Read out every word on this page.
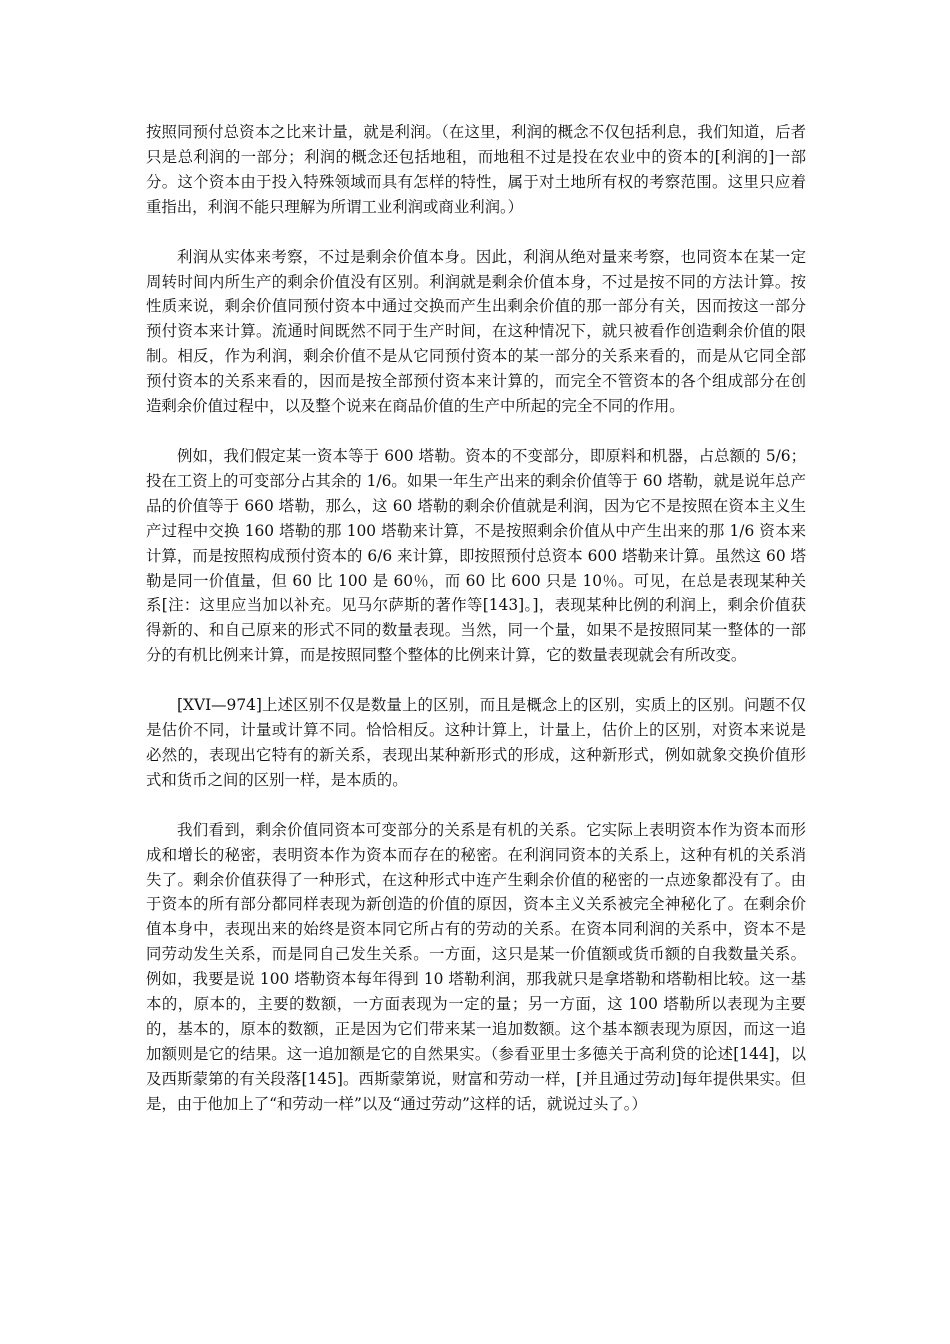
按照同预付总资本之比来计量，就是利润。（在这里，利润的概念不仅包括利息，我们知道，后者只是总利润的一部分；利润的概念还包括地租，而地租不过是投在农业中的资本的[利润的]一部分。这个资本由于投入特殊领域而具有怎样的特性，属于对土地所有权的考察范围。这里只应着重指出，利润不能只理解为所谓工业利润或商业利润。）

利润从实体来考察，不过是剩余价值本身。因此，利润从绝对量来考察，也同资本在某一定周转时间内所生产的剩余价值没有区别。利润就是剩余价值本身，不过是按不同的方法计算。按性质来说，剩余价值同预付资本中通过交换而产生出剩余价值的那一部分有关，因而按这一部分预付资本来计算。流通时间既然不同于生产时间，在这种情况下，就只被看作创造剩余价值的限制。相反，作为利润，剩余价值不是从它同预付资本的某一部分的关系来看的，而是从它同全部预付资本的关系来看的，因而是按全部预付资本来计算的，而完全不管资本的各个组成部分在创造剩余价值过程中，以及整个说来在商品价值的生产中所起的完全不同的作用。

例如，我们假定某一资本等于 600 塔勒。资本的不变部分，即原料和机器，占总额的 5/6；投在工资上的可变部分占其余的 1/6。如果一年生产出来的剩余价值等于 60 塔勒，就是说年总产品的价值等于 660 塔勒，那么，这 60 塔勒的剩余价值就是利润，因为它不是按照在资本主义生产过程中交换 160 塔勒的那 100 塔勒来计算，不是按照剩余价值从中产生出来的那 1/6 资本来计算，而是按照构成预付资本的 6/6 来计算，即按照预付总资本 600 塔勒来计算。虽然这 60 塔勒是同一价值量，但 60 比 100 是 60％，而 60 比 600 只是 10％。可见，在总是表现某种关系[注：这里应当加以补充。见马尔萨斯的著作等[143]。]，表现某种比例的利润上，剩余价值获得新的、和自己原来的形式不同的数量表现。当然，同一个量，如果不是按照同某一整体的一部分的有机比例来计算，而是按照同整个整体的比例来计算，它的数量表现就会有所改变。

[XVI—974]上述区别不仅是数量上的区别，而且是概念上的区别，实质上的区别。问题不仅是估价不同，计量或计算不同。恰恰相反。这种计算上，计量上，估价上的区别，对资本来说是必然的，表现出它特有的新关系，表现出某种新形式的形成，这种新形式，例如就象交换价值形式和货币之间的区别一样，是本质的。

我们看到，剩余价值同资本可变部分的关系是有机的关系。它实际上表明资本作为资本而形成和增长的秘密，表明资本作为资本而存在的秘密。在利润同资本的关系上，这种有机的关系消失了。剩余价值获得了一种形式，在这种形式中连产生剩余价值的秘密的一点迹象都没有了。由于资本的所有部分都同样表现为新创造的价值的原因，资本主义关系被完全神秘化了。在剩余价值本身中，表现出来的始终是资本同它所占有的劳动的关系。在资本同利润的关系中，资本不是同劳动发生关系，而是同自己发生关系。一方面，这只是某一价值额或货币额的自我数量关系。例如，我要是说 100 塔勒资本每年得到 10 塔勒利润，那我就只是拿塔勒和塔勒相比较。这一基本的，原本的，主要的数额，一方面表现为一定的量；另一方面，这 100 塔勒所以表现为主要的，基本的，原本的数额，正是因为它们带来某一追加数额。这个基本额表现为原因，而这一追加额则是它的结果。这一追加额是它的自然果实。（参看亚里士多德关于高利贷的论述[144]，以及西斯蒙第的有关段落[145]。西斯蒙第说，财富和劳动一样，[并且通过劳动]每年提供果实。但是，由于他加上了“和劳动一样”以及“通过劳动”这样的话，就说过头了。）
